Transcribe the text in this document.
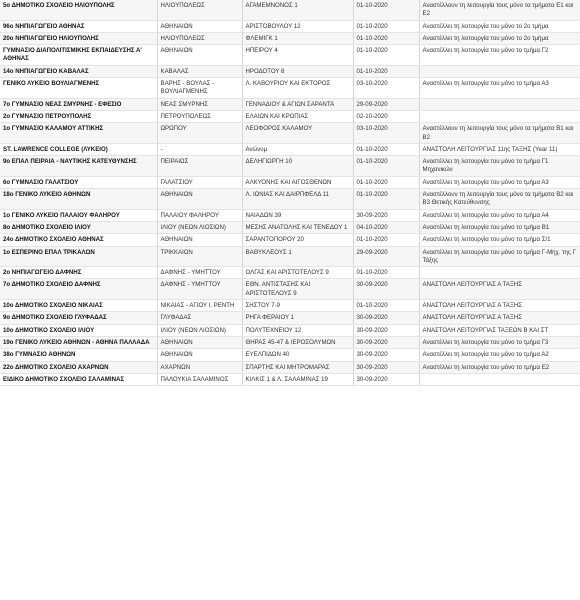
5ο ΔΗΜΟΤΙΚΟ ΣΧΟΛΕΙΟ ΗΛΙΟΥΠΟΛΗΣ	ΗΛΙΟΥΠΟΛΕΩΣ	ΑΓΑΜΕΜΝΟΝΟΣ 1	01-10-2020	Αναστέλλουν τη λειτουργία τους μόνο τα τμήματα Ε1 και Ε2
96ο ΝΗΠΙΑΓΩΓΕΙΟ ΑΘΗΝΑΣ	ΑΘΗΝΑΙΩΝ	ΑΡΙΣΤΟΒΟΥΛΟΥ 12	01-10-2020	Αναστέλλει τη λειτουργία του μόνο το 2ο τμήμα
20ο ΝΗΠΙΑΓΩΓΕΙΟ ΗΛΙΟΥΠΟΛΗΣ	ΗΛΙΟΥΠΟΛΕΩΣ	ΦΛΕΜΙΓΚ 1	01-10-2020	Αναστέλλει τη λειτουργία του μόνο το 2ο τμήμα
ΓΥΜΝΑΣΙΟ ΔΙΑΠΟΛΙΤΙΣΜΙΚΗΣ ΕΚΠΑΙΔΕΥΣΗΣ Α' ΑΘΗΝΑΣ	ΑΘΗΝΑΙΩΝ	ΗΠΕΙΡΟΥ 4	01-10-2020	Αναστέλλει τη λειτουργία του μόνο το τμήμα Γ2
14ο ΝΗΠΙΑΓΩΓΕΙΟ ΚΑΒΑΛΑΣ	ΚΑΒΑΛΑΣ	ΗΡΟΔΟΤΟΥ 8	01-10-2020	
ΓΕΝΙΚΟ ΛΥΚΕΙΟ ΒΟΥΛΙΑΓΜΕΝΗΣ	ΒΑΡΗΣ - ΒΟΥΛΑΣ - ΒΟΥΛΙΑΓΜΕΝΗΣ	Λ. ΚΑΒΟΥΡΙΟΥ ΚΑΙ ΕΚΤΟΡΟΣ	03-10-2020	Αναστέλλει τη λειτουργία του μόνο το τμήμα Α3
7ο ΓΥΜΝΑΣΙΟ ΝΕΑΣ ΣΜΥΡΝΗΣ - ΕΦΕΣΙΟ	ΝΕΑΣ ΣΜΥΡΝΗΣ	ΓΕΝΝΑΔΙΟΥ & ΑΓΙΩΝ ΣΑΡΑΝΤΑ	29-09-2020	
2ο ΓΥΜΝΑΣΙΟ ΠΕΤΡΟΥΠΟΛΗΣ	ΠΕΤΡΟΥΠΟΛΕΩΣ	ΕΛΑΙΩΝ ΚΑΙ ΚΡΩΠΙΑΣ	02-10-2020	
1ο ΓΥΜΝΑΣΙΟ ΚΑΛΑΜΟΥ ΑΤΤΙΚΗΣ	ΩΡΩΠΟΥ	ΛΕΟΦΟΡΟΣ ΚΑΛΑΜΟΥ	03-10-2020	Αναστέλλουν τη λειτουργία τους μόνο τα τμήματα Β1 και Β2
ST. LAWRENCE COLLEGE (ΛΥΚΕΙΟ)	-	Ανώνυμ	01-10-2020	ΑΝΑΣΤΟΛΗ ΛΕΙΤΟΥΡΓΙΑΣ 11ης ΤΑΞΗΣ (Year 11)
9ο ΕΠΑΛ ΠΕΙΡΑΙΑ - ΝΑΥΤΙΚΗΣ ΚΑΤΕΥΘΥΝΣΗΣ	ΠΕΙΡΑΙΩΣ	ΔΕΛΗΓΙΩΡΓΗ 10	01-10-2020	Αναστέλλει τη λειτουργία του μόνο το τμήμα Γ1 Μηχανικών
6ο ΓΥΜΝΑΣΙΟ ΓΑΛΑΤΣΙΟΥ	ΓΑΛΑΤΣΙΟΥ	ΑΛΚΥΟΝΗΣ ΚΑΙ ΑΙΓΟΣΘΕΝΩΝ	01-10-2020	Αναστέλλει τη λειτουργία του μόνο το τμήμα Α3
18ο ΓΕΝΙΚΟ ΛΥΚΕΙΟ ΑΘΗΝΩΝ	ΑΘΗΝΑΙΩΝ	Λ. ΙΩΝΙΑΣ ΚΑΙ ΔΑΙΡΠΦΕΛΔ 11	01-10-2020	Αναστέλλουν τη λειτουργία τους μόνο τα τμήματα Β2 και Β3 Θετικής Κατεύθυνσης
1ο ΓΕΝΙΚΟ ΛΥΚΕΙΟ ΠΑΛΑΙΟΥ ΦΑΛΗΡΟΥ	ΠΑΛΑΙΟΥ ΦΑΛΗΡΟΥ	ΝΑΙΑΔΩΝ 39	30-09-2020	Αναστέλλει τη λειτουργία του μόνο το τμήμα Α4
8ο ΔΗΜΟΤΙΚΟ ΣΧΟΛΕΙΟ ΙΛΙΟΥ	ΙΛΙΟΥ (ΝΕΩΝ ΛΙΟΣΙΩΝ)	ΜΕΣΗΣ ΑΝΑΤΟΛΗΣ ΚΑΙ ΤΕΝΕΔΟΥ 1	04-10-2020	Αναστέλλει τη λειτουργία του μόνο το τμήμα Β1
24ο ΔΗΜΟΤΙΚΟ ΣΧΟΛΕΙΟ ΑΘΗΝΑΣ	ΑΘΗΝΑΙΩΝ	ΣΑΡΑΝΤΟΠΟΡΟΥ 20	01-10-2020	Αναστέλλει τη λειτουργία του μόνο το τμήμα Σ/1
1ο ΕΣΠΕΡΙΝΟ ΕΠΑΛ ΤΡΙΚΑΛΩΝ	ΤΡΙΚΚΑΙΩΝ	ΒΑΘΥΚΛΕΟΥΣ 1	29-09-2020	Αναστέλλει τη λειτουργία του μόνο το τμήμα Γ-Μηχ. της Γ Τάξης
2ο ΝΗΠΙΑΓΩΓΕΙΟ ΔΑΦΝΗΣ	ΔΑΦΝΗΣ - ΥΜΗΤΤΟΥ	ΟΛΓΑΣ ΚΑΙ ΑΡΙΣΤΟΤΕΛΟΥΣ 9	01-10-2020	
7ο ΔΗΜΟΤΙΚΟ ΣΧΟΛΕΙΟ ΔΑΦΝΗΣ	ΔΑΦΝΗΣ - ΥΜΗΤΤΟΥ	ΕΘΝ. ΑΝΤΙΣΤΑΣΗΣ ΚΑΙ ΑΡΙΣΤΟΤΕΛΟΥΣ 9	30-09-2020	ΑΝΑΣΤΟΛΗ ΛΕΙΤΟΥΡΓΙΑΣ Α ΤΑΞΗΣ
10ο ΔΗΜΟΤΙΚΟ ΣΧΟΛΕΙΟ ΝΙΚΑΙΑΣ	ΝΙΚΑΙΑΣ - ΑΓΙΟΥ Ι. ΡΕΝΤΗ	ΣΗΣΤΟΥ 7-9	01-10-2020	ΑΝΑΣΤΟΛΗ ΛΕΙΤΟΥΡΓΙΑΣ Α ΤΑΞΗΣ
9ο ΔΗΜΟΤΙΚΟ ΣΧΟΛΕΙΟ ΓΛΥΦΑΔΑΣ	ΓΛΥΦΑΔΑΣ	ΡΗΓΑ ΦΕΡΑΙΟΥ 1	30-09-2020	ΑΝΑΣΤΟΛΗ ΛΕΙΤΟΥΡΓΙΑΣ Α ΤΑΞΗΣ
10ο ΔΗΜΟΤΙΚΟ ΣΧΟΛΕΙΟ ΙΛΙΟΥ	ΙΛΙΟΥ (ΝΕΩΝ ΛΙΟΣΙΩΝ)	ΠΟΛΥΤΕΧΝΕΙΟΥ 12	30-09-2020	ΑΝΑΣΤΟΛΗ ΛΕΙΤΟΥΡΓΙΑΣ ΤΑΞΕΩΝ Β ΚΑΙ ΣΤ
19ο ΓΕΝΙΚΟ ΛΥΚΕΙΟ ΑΘΗΝΩΝ - ΑΘΗΝΑ ΠΑΛΛΑΔΑ	ΑΘΗΝΑΙΩΝ	ΘΗΡΑΣ 45-47 & ΙΕΡΟΣΟΛΥΜΩΝ	30-09-2020	Αναστέλλει τη λειτουργία του μόνο το τμήμα Γ3
38ο ΓΥΜΝΑΣΙΟ ΑΘΗΝΩΝ	ΑΘΗΝΑΙΩΝ	ΕΥΕΛΠΙΔΩΝ 40	30-09-2020	Αναστέλλει τη λειτουργία του μόνο το τμήμα Α2
22ο ΔΗΜΟΤΙΚΟ ΣΧΟΛΕΙΟ ΑΧΑΡΝΩΝ	ΑΧΑΡΝΩΝ	ΣΠΑΡΤΗΣ ΚΑΙ ΜΗΤΡΟΜΑΡΑΣ	30-09-2020	Αναστέλλει τη λειτουργία του μόνο το τμήμα Ε2
ΕΙΔΙΚΟ ΔΗΜΟΤΙΚΟ ΣΧΟΛΕΙΟ ΣΑΛΑΜΙΝΑΣ	ΠΑΛΟΥΚΙΑ ΣΑΛΑΜΙΝΟΣ	ΚΙΛΚΙΣ 1 & Λ. ΣΑΛΑΜΙΝΑΣ 19	30-09-2020	
